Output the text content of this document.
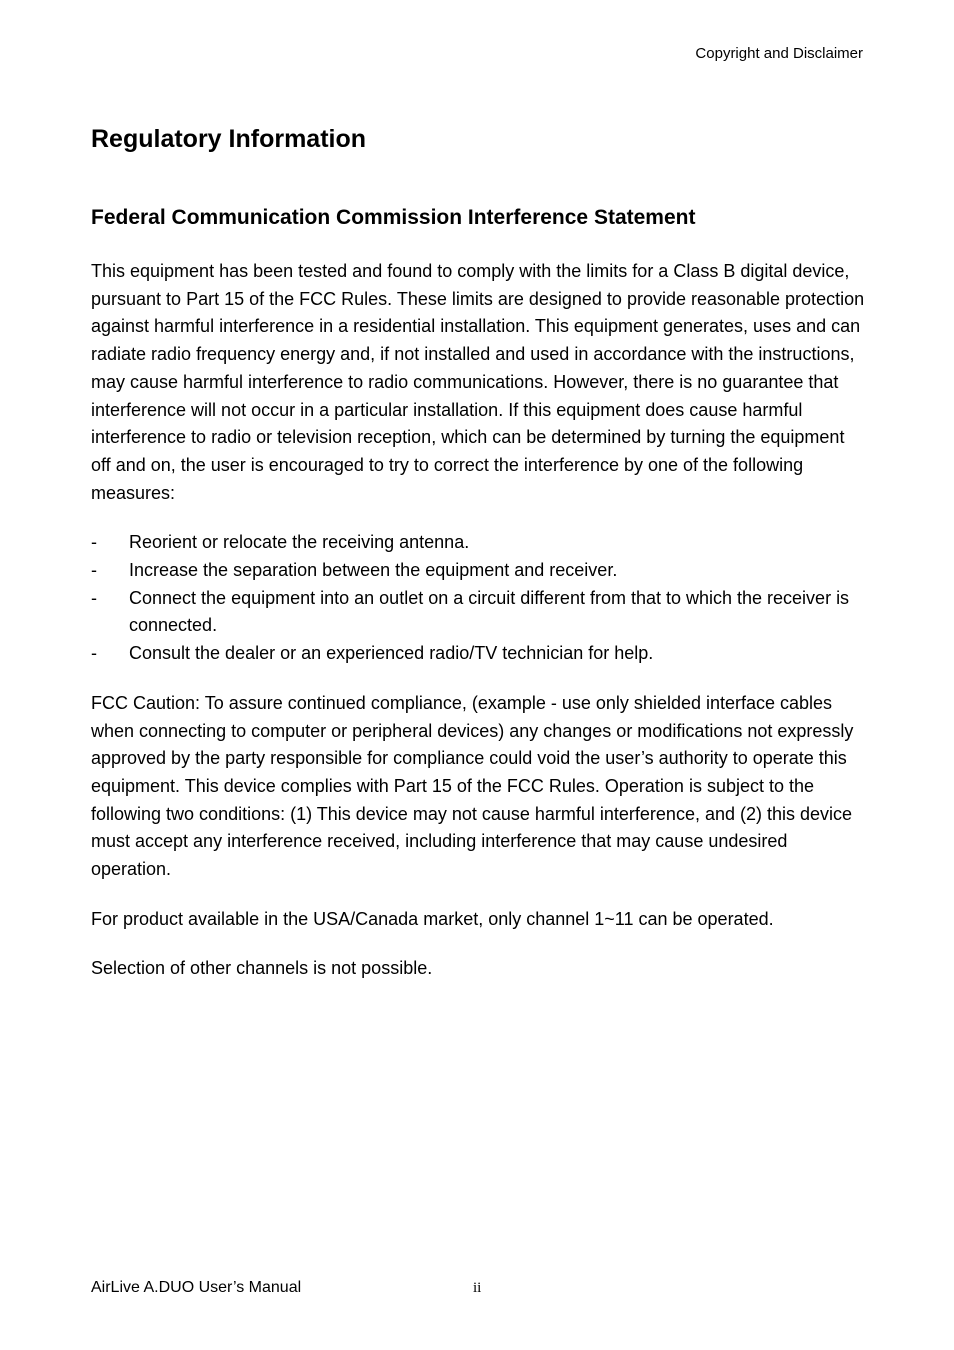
Copyright and Disclaimer
Regulatory Information
Federal Communication Commission Interference Statement

This equipment has been tested and found to comply with the limits for a Class B digital device, pursuant to Part 15 of the FCC Rules. These limits are designed to provide reasonable protection against harmful interference in a residential installation. This equipment generates, uses and can radiate radio frequency energy and, if not installed and used in accordance with the instructions, may cause harmful interference to radio communications. However, there is no guarantee that interference will not occur in a particular installation. If this equipment does cause harmful interference to radio or television reception, which can be determined by turning the equipment off and on, the user is encouraged to try to correct the interference by one of the following measures:

- Reorient or relocate the receiving antenna.
- Increase the separation between the equipment and receiver.
- Connect the equipment into an outlet on a circuit different from that to which the receiver is connected.
- Consult the dealer or an experienced radio/TV technician for help.

FCC Caution: To assure continued compliance, (example - use only shielded interface cables when connecting to computer or peripheral devices) any changes or modifications not expressly approved by the party responsible for compliance could void the user’s authority to operate this equipment. This device complies with Part 15 of the FCC Rules. Operation is subject to the following two conditions: (1) This device may not cause harmful interference, and (2) this device must accept any interference received, including interference that may cause undesired operation.

For product available in the USA/Canada market, only channel 1~11 can be operated.

Selection of other channels is not possible.

AirLive A.DUO User’s Manual	ii
